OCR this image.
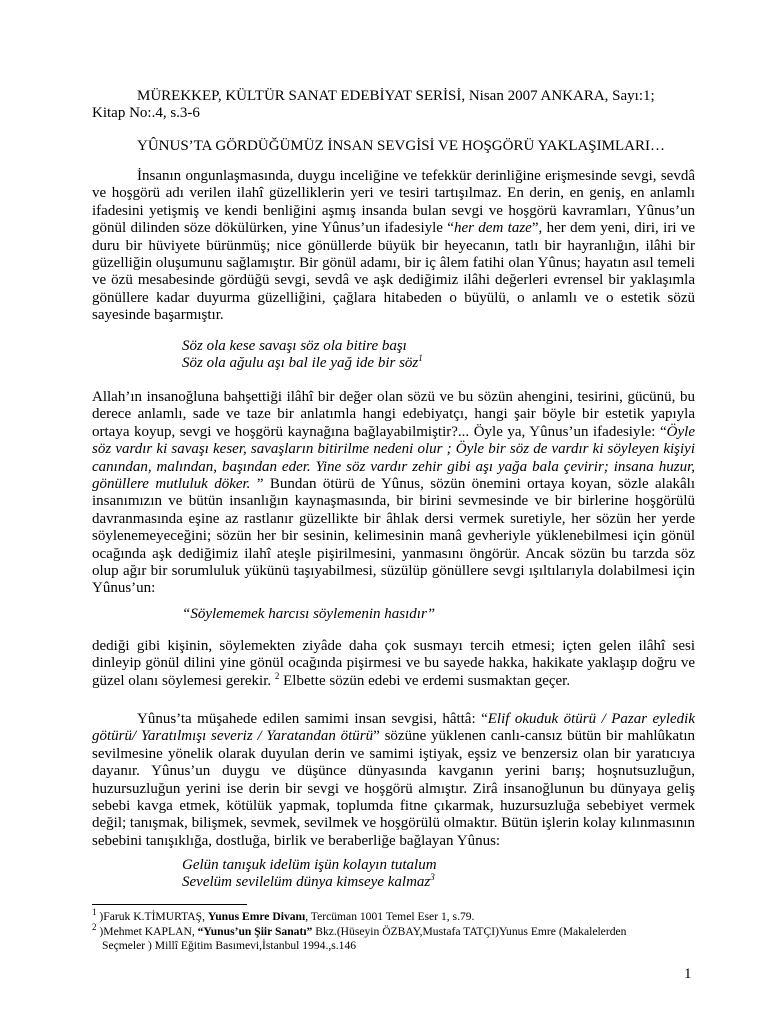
MÜREKKEP, KÜLTÜR SANAT EDEBİYAT SERİSİ, Nisan 2007 ANKARA, Sayı:1;
Kitap No:.4, s.3-6
YÛNUS’TA GÖRDÜĞÜMÜZ İNSAN SEVGİSİ VE HOŞGÖRÜ YAKLAŞIMLARI…
İnsanın ongunlaşmasında, duygu inceliğine ve tefekkür derinliğine erişmesinde sevgi, sevdâ ve hoşgörü adı verilen ilahî güzelliklerin yeri ve tesiri tartışılmaz. En derin, en geniş, en anlamlı ifadesini yetişmiş ve kendi benliğini aşmış insanda bulan sevgi ve hoşgörü kavramları, Yûnus’un gönül dilinden söze dökülürken, yine Yûnus’un ifadesiyle “her dem taze”, her dem yeni, diri, iri ve duru bir hüviyete bürünmüş; nice gönüllerde büyük bir heyecanın, tatlı bir hayranlığın, ilâhi bir güzelliğin oluşumunu sağlamıştır. Bir gönül adamı, bir iç âlem fatihi olan Yûnus; hayatın asıl temeli ve özü mesabesinde gördüğü sevgi, sevdâ ve aşk dediğimiz ilâhi değerleri evrensel bir yaklaşımla gönüllere kadar duyurma güzelliğini, çağlara hitabeden o büyülü, o anlamlı ve o estetik sözü sayesinde başarmıştır.
Söz ola kese savaşı söz ola bitire başı
Söz ola ağulu aşı bal ile yağ ide bir söz$^1$
Allah’ın insanoğluna bahşettiği ilâhî bir değer olan sözü ve bu sözün ahengini, tesirini, gücünü, bu derece anlamlı, sade ve taze bir anlatımla hangi edebiyatçı, hangi şair böyle bir estetik yapıyla ortaya koyup, sevgi ve hoşgörü kaynağına bağlayabilmiştir?... Öyle ya, Yûnus’un ifadesiyle: “Öyle söz vardır ki savaşı keser, savaşların bitirilme nedeni olur ; Öyle bir söz de vardır ki söyleyen kişiyi canından, malından, başından eder. Yine söz vardır zehir gibi aşı yağa bala çevirir; insana huzur, gönüllere mutluluk döker. ” Bundan ötürü de Yûnus, sözün önemini ortaya koyan, sözle alakâlı insanımızın ve bütün insanlığın kaynaşmasında, bir birini sevmesinde ve bir birlerine hoşgörülü davranmasında eşine az rastlanır güzellikte bir âhlak dersi vermek suretiyle, her sözün her yerde söylenemeyeceğini; sözün her bir sesinin, kelimesinin manâ gevheriyle yüklenebilmesi için gönül ocağında aşk dediğimiz ilahî ateşle pişirilmesini, yanmasını öngörür. Ancak sözün bu tarzda söz olup ağır bir sorumluluk yükünü taşıyabilmesi, süzülüp gönüllere sevgi ışıltılarıyla dolabilmesi için Yûnus’un:
“Söylememek harcısı söylemenin hasıdır”
dediği gibi kişinin, söylemekten ziyâde daha çok susmayı tercih etmesi; içten gelen ilâhî sesi dinleyip gönül dilini yine gönül ocağında pişirmesi ve bu sayede hakka, hakikate yaklaşıp doğru ve güzel olanı söylemesi gerekir. $^2$ Elbette sözün edebi ve erdemi susmaktan geçer.
Yûnus’ta müşahede edilen samimi insan sevgisi, hâttâ: “Elif okuduk ötürü / Pazar eyledik götürü/ Yaratılmışı severiz / Yaratandan ötürü” sözüne yüklenen canlı-cansız bütün bir mahlûkatın sevilmesine yönelik olarak duyulan derin ve samimi iştiyak, eşsiz ve benzersiz olan bir yaratıcıya dayanır. Yûnus’un duygu ve düşünce dünyasında kavganın yerini barış; hoşnutsuzluğun, huzursuzluğun yerini ise derin bir sevgi ve hoşgörü almıştır. Zirâ insanoğlunun bu dünyaya geliş sebebi kavga etmek, kötülük yapmak, toplumda fitne çıkarmak, huzursuzluğa sebebiyet vermek değil; tanışmak, bilişmek, sevmek, sevilmek ve hoşgörülü olmaktır. Bütün işlerin kolay kılınmasının sebebini tanışıklığa, dostluğa, birlik ve beraberliğe bağlayan Yûnus:
Gelün tanışuk idelüm işün kolayın tutalum
Sevelüm sevilelüm dünya kimseye kalmaz$^3$
$^1$ )Faruk K.TİMURTAŞ, Yunus Emre Divanı, Tercüman 1001 Temel Eser 1, s.79.
$^2$ )Mehmet KAPLAN, “Yunus’un Şiir Sanatı” Bkz.(Hüseyin ÖZBAY,Mustafa TATÇI)Yunus Emre (Makalelerden
Seçmeler ) Millî Eğitim Basımevi,İstanbul 1994.,s.146
1
